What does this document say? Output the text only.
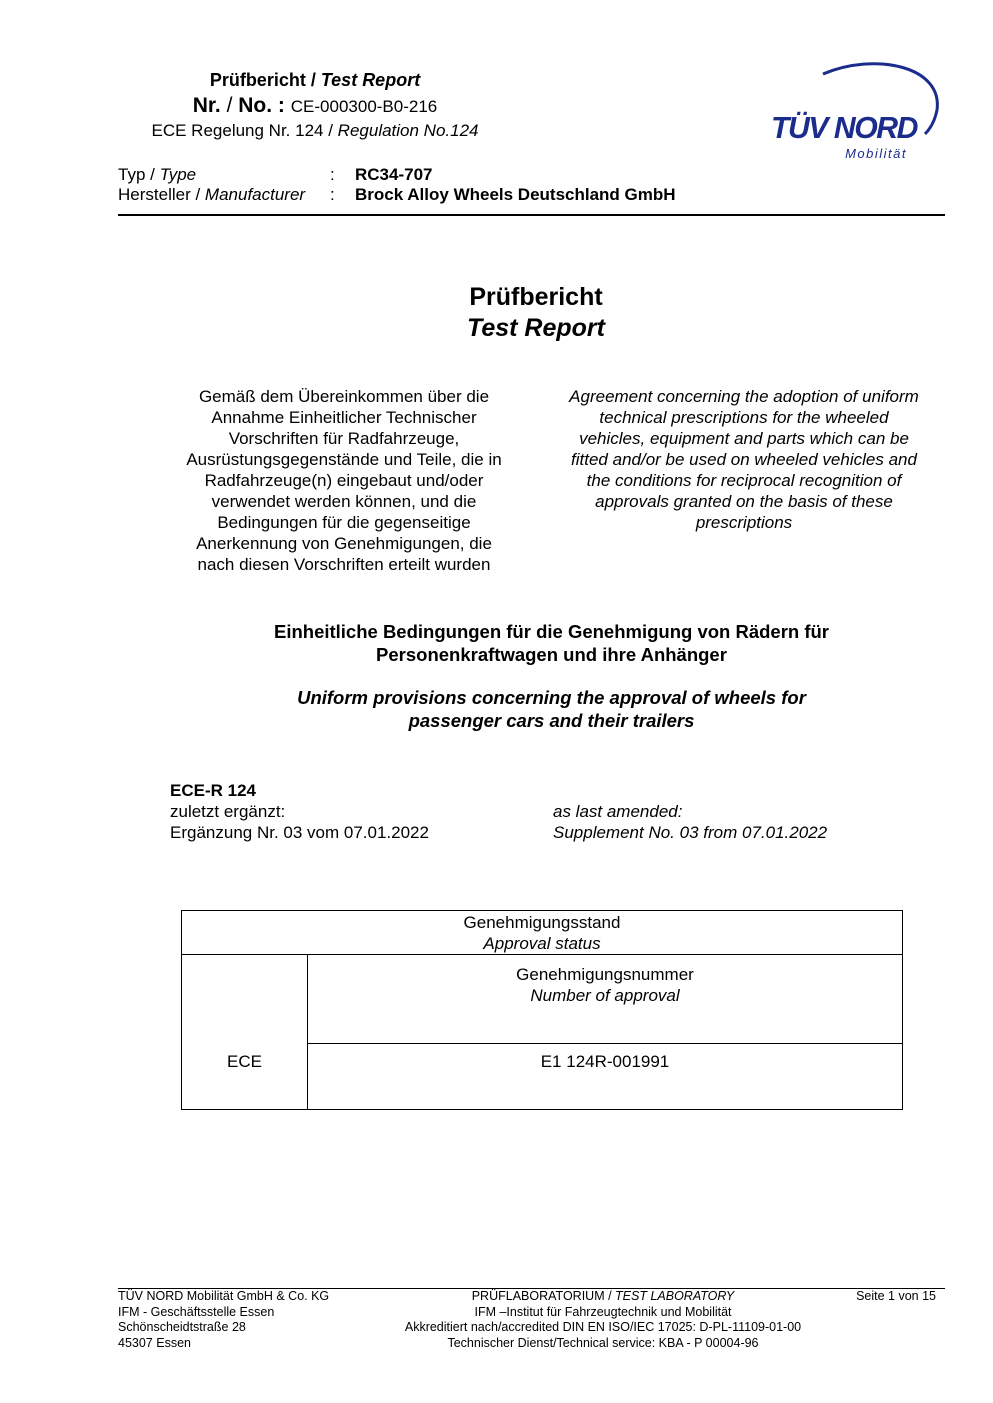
Prüfbericht / Test Report
Nr. / No. : CE-000300-B0-216
ECE Regelung Nr. 124 / Regulation No.124	TÜV NORD
Mobilität
Typ / Type	: RC34-707
Hersteller / Manufacturer : Brock Alloy Wheels Deutschland GmbH
Prüfbericht
Test Report
Gemäß dem Übereinkommen über die
Annahme Einheitlicher Technischer
Vorschriften für Radfahrzeuge,
Ausrüstungsgegenstände und Teile, die in
Radfahrzeuge(n) eingebaut und/oder
verwendet werden können, und die
Bedingungen für die gegenseitige
Anerkennung von Genehmigungen, die
nach diesen Vorschriften erteilt wurden
Agreement concerning the adoption of uniform
technical prescriptions for the wheeled
vehicles, equipment and parts which can be
fitted and/or be used on wheeled vehicles and
the conditions for reciprocal recognition of
approvals granted on the basis of these
prescriptions
Einheitliche Bedingungen für die Genehmigung von Rädern für
Personenkraftwagen und ihre Anhänger
Uniform provisions concerning the approval of wheels for
passenger cars and their trailers
ECE-R 124
zuletzt ergänzt:
Ergänzung Nr. 03 vom 07.01.2022
as last amended:
Supplement No. 03 from 07.01.2022
Genehmigungsstand
Approval status
ECE
Genehmigungsnummer
Number of approval
E1 124R-001991
TÜV NORD Mobilität GmbH & Co. KG
IFM - Geschäftsstelle Essen
Schönscheidtstraße 28
45307 Essen
PRÜFLABORATORIUM / TEST LABORATORY
IFM –Institut für Fahrzeugtechnik und Mobilität
Akkreditiert nach/accredited DIN EN ISO/IEC 17025: D-PL-11109-01-00
Technischer Dienst/Technical service: KBA - P 00004-96
Seite 1 von 15
